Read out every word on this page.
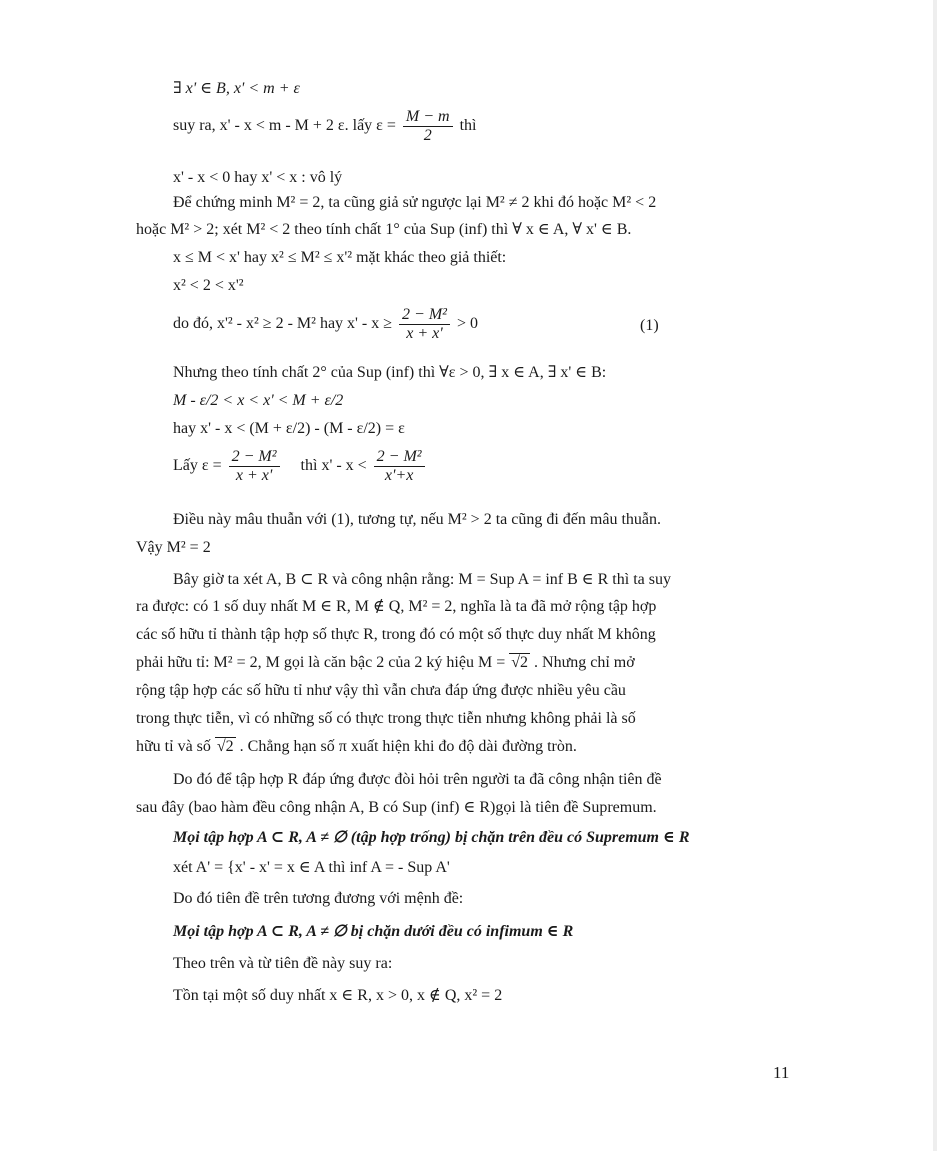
∃ x' ∈ B, x' < m + ε
suy ra, x' - x < m - M + 2 ε. lấy $\varepsilon = \frac{M - m}{2}$ thì
x' - x < 0 hay x' < x : vô lý
Để chứng minh M² = 2, ta cũng giả sử ngược lại M² ≠ 2 khi đó hoặc M² < 2
hoặc M² > 2; xét M² < 2 theo tính chất 1° của Sup (inf) thì ∀ x ∈ A, ∀ x' ∈ B.
x ≤ M < x' hay x² ≤ M² ≤ x'² mặt khác theo giả thiết:
x² < 2 < x'²
do đó, x'² - x² ≥ 2 - M² hay $x' - x \ge \frac{\text{2 − M²}}{x + x'} > 0$	(1)
Nhưng theo tính chất 2° của Sup (inf) thì ∀ε > 0, ∃ x ∈ A, ∃ x' ∈ B:
M - ε/2 < x < x' < M + ε/2
hay x' - x < (M + ε/2) - (M - ε/2) = ε
Lấy $\varepsilon = \frac{\text{2 − M²}}{x + x'}$ thì $x' - x < \frac{\text{2 − M²}}{x'+x}$
Điều này mâu thuẫn với (1), tương tự, nếu M² > 2 ta cũng đi đến mâu thuẫn.
Vậy M² = 2
Bây giờ ta xét A, B ⊂ R và công nhận rằng: M = Sup A = inf B ∈ R thì ta suy
ra được: có 1 số duy nhất M ∈ R, M ∉ Q, M² = 2, nghĩa là ta đã mở rộng tập hợp
các số hữu tỉ thành tập hợp số thực R, trong đó có một số thực duy nhất M không
phải hữu tỉ: M² = 2, M gọi là căn bậc 2 của 2 ký hiệu M = √2 . Nhưng chỉ mở
rộng tập hợp các số hữu tỉ như vậy thì vẫn chưa đáp ứng được nhiều yêu cầu
trong thực tiễn, vì có những số có thực trong thực tiễn nhưng không phải là số
hữu tỉ và số √2 . Chẳng hạn số π xuất hiện khi đo độ dài đường tròn.
Do đó để tập hợp R đáp ứng được đòi hỏi trên người ta đã công nhận tiên đề
sau đây (bao hàm đều công nhận A, B có Sup (inf) ∈ R)gọi là tiên đề Supremum.
Mọi tập hợp A ⊂ R, A ≠ ∅ (tập hợp trống) bị chặn trên đều có Supremum ∈ R
xét A' = {x' - x' = x ∈ A thì inf A = - Sup A'
Do đó tiên đề trên tương đương với mệnh đề:
Mọi tập hợp A ⊂ R, A ≠ ∅ bị chặn dưới đều có infimum ∈ R
Theo trên và từ tiên đề này suy ra:
Tồn tại một số duy nhất x ∈ R, x > 0, x ∉ Q, x² = 2
11
